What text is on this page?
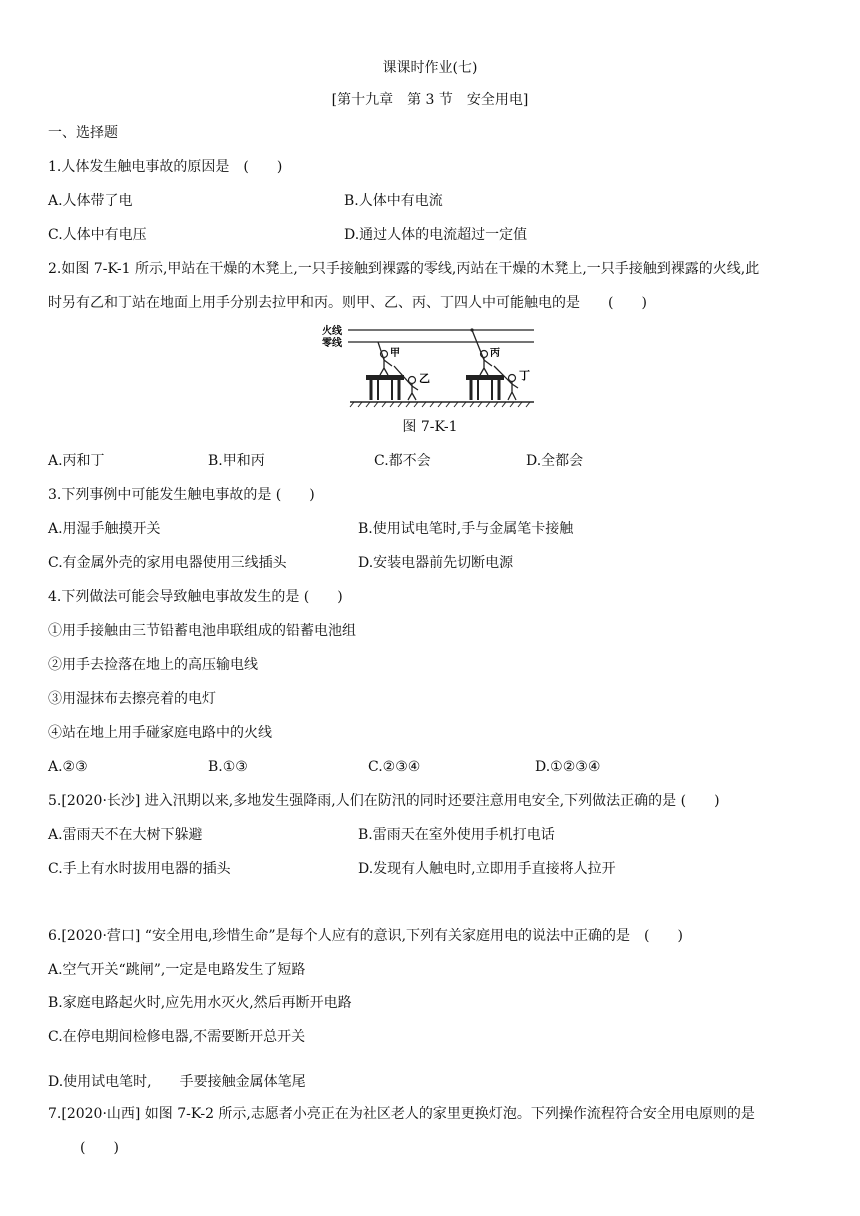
课课时作业(七)
[第十九章　第 3 节　安全用电]
一、选择题
1.人体发生触电事故的原因是　(　　)
A.人体带了电	B.人体中有电流
C.人体中有电压	D.通过人体的电流超过一定值
2.如图 7-K-1 所示,甲站在干燥的木凳上,一只手接触到裸露的零线,丙站在干燥的木凳上,一只手接触到裸露的火线,此
时另有乙和丁站在地面上用手分别去拉甲和丙。则甲、乙、丙、丁四人中可能触电的是　　(　　)
火线
零线
甲
乙
丙
丁
图 7-K-1
A.丙和丁	B.甲和丙	C.都不会	D.全都会
3.下列事例中可能发生触电事故的是 (　　)
A.用湿手触摸开关	B.使用试电笔时,手与金属笔卡接触
C.有金属外壳的家用电器使用三线插头	D.安装电器前先切断电源
4.下列做法可能会导致触电事故发生的是 (　　)
①用手接触由三节铅蓄电池串联组成的铅蓄电池组
②用手去捡落在地上的高压输电线
③用湿抹布去擦亮着的电灯
④站在地上用手碰家庭电路中的火线
A.②③	B.①③	C.②③④	D.①②③④
5.[2020·长沙] 进入汛期以来,多地发生强降雨,人们在防汛的同时还要注意用电安全,下列做法正确的是 (　　)
A.雷雨天不在大树下躲避	B.雷雨天在室外使用手机打电话
C.手上有水时拔用电器的插头	D.发现有人触电时,立即用手直接将人拉开
6.[2020·营口] “安全用电,珍惜生命”是每个人应有的意识,下列有关家庭用电的说法中正确的是　(　　)
A.空气开关“跳闸”,一定是电路发生了短路
B.家庭电路起火时,应先用水灭火,然后再断开电路
C.在停电期间检修电器,不需要断开总开关
D.使用试电笔时,　　手要接触金属体笔尾
7.[2020·山西] 如图 7-K-2 所示,志愿者小亮正在为社区老人的家里更换灯泡。下列操作流程符合安全用电原则的是
(　　)
